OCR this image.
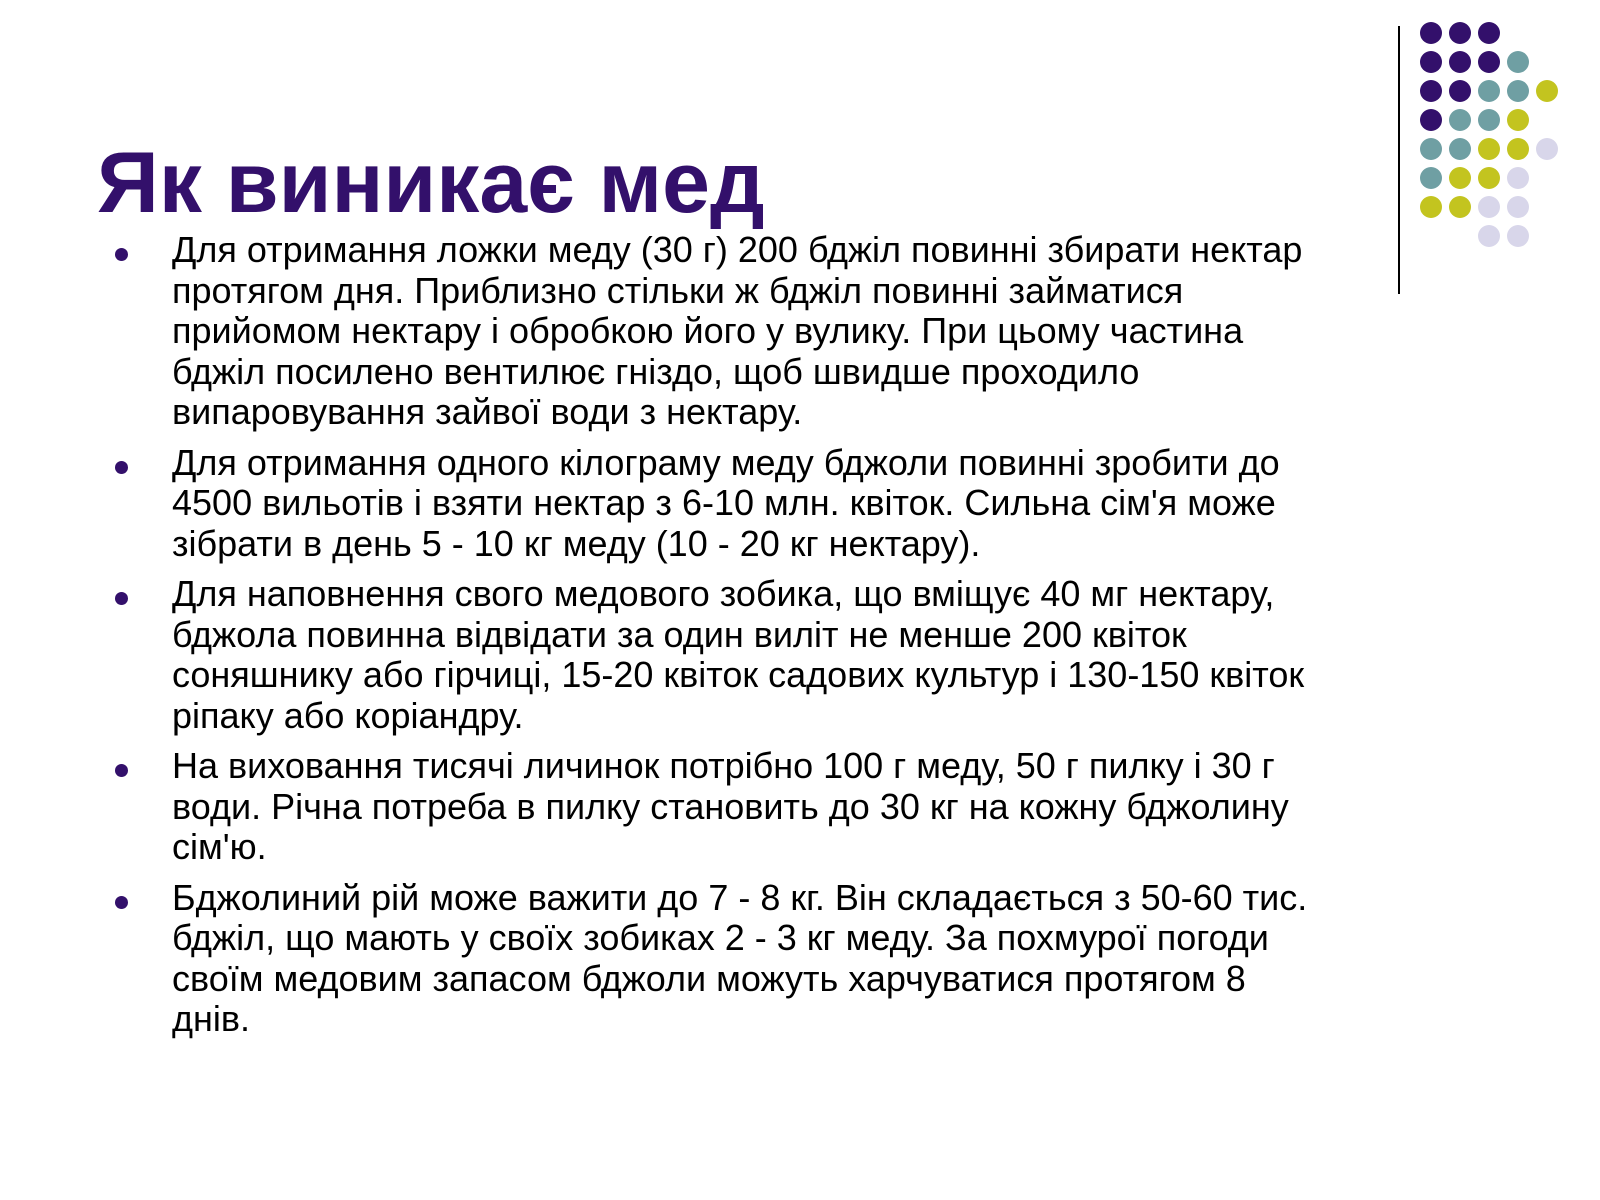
Як виникає мед
Для отримання ложки меду (30 г) 200 бджіл повинні збирати нектар
протягом дня. Приблизно стільки ж бджіл повинні займатися
прийомом нектару і обробкою його у вулику. При цьому частина
бджіл посилено вентилює гніздо, щоб швидше проходило
випаровування зайвої води з нектару.
Для отримання одного кілограму меду бджоли повинні зробити до
4500 вильотів і взяти нектар з 6-10 млн. квіток. Сильна сім'я може
зібрати в день 5 - 10 кг меду (10 - 20 кг нектару).
Для наповнення свого медового зобика, що вміщує 40 мг нектару,
бджола повинна відвідати за один виліт не менше 200 квіток
соняшнику або гірчиці, 15-20 квіток садових культур і 130-150 квіток
ріпаку або коріандру.
На виховання тисячі личинок потрібно 100 г меду, 50 г пилку і 30 г
води. Річна потреба в пилку становить до 30 кг на кожну бджолину
сім'ю.
Бджолиний рій може важити до 7 - 8 кг. Він складається з 50-60 тис.
бджіл, що мають у своїх зобиках 2 - 3 кг меду. За похмурої погоди
своїм медовим запасом бджоли можуть харчуватися протягом 8
днів.
